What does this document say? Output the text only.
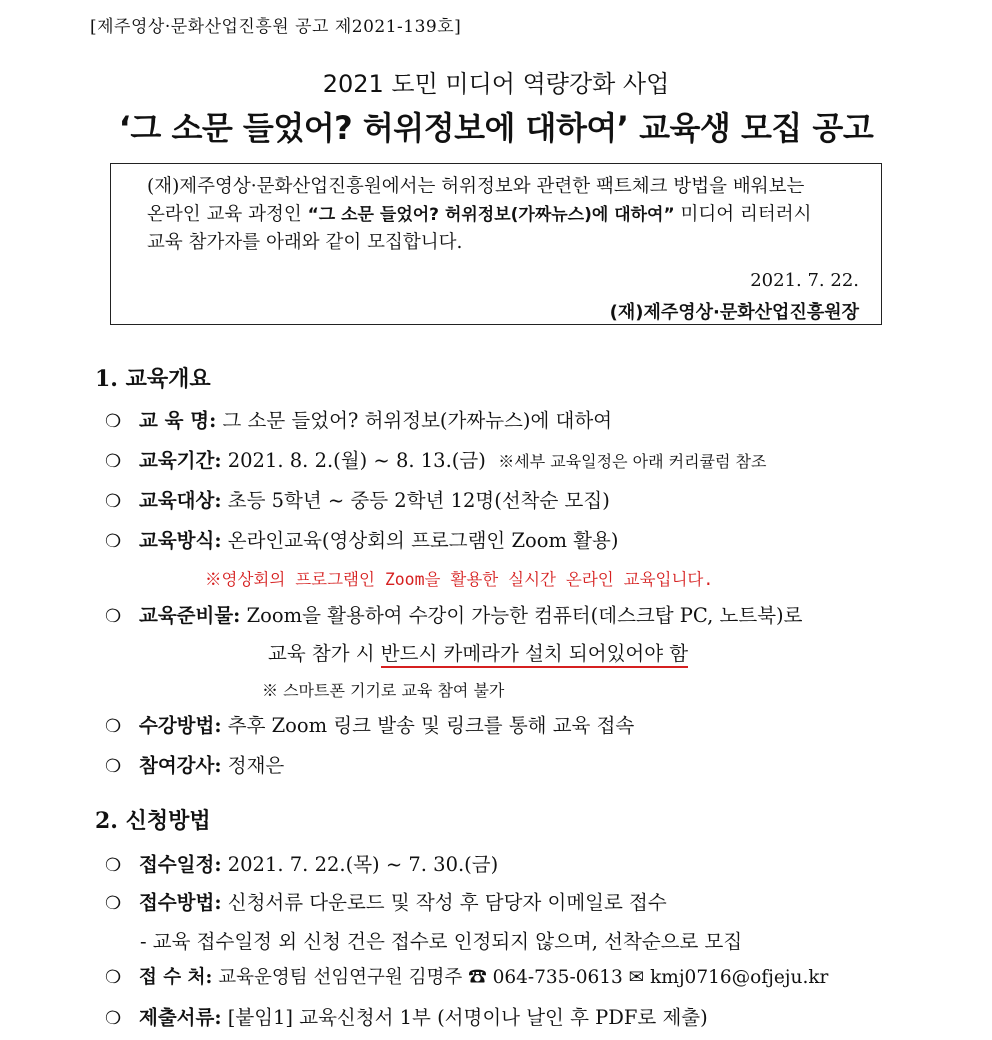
[제주영상·문화산업진흥원 공고 제2021-139호]
2021 도민 미디어 역량강화 사업
‘그 소문 들었어? 허위정보에 대하여’ 교육생 모집 공고
(재)제주영상·문화산업진흥원에서는 허위정보와 관련한 팩트체크 방법을 배워보는
온라인 교육 과정인 “그 소문 들었어? 허위정보(가짜뉴스)에 대하여” 미디어 리터러시
교육 참가자를 아래와 같이 모집합니다.
2021. 7. 22.
(재)제주영상·문화산업진흥원장
1. 교육개요
❍ 교 육 명: 그 소문 들었어? 허위정보(가짜뉴스)에 대하여
❍ 교육기간: 2021. 8. 2.(월) ~ 8. 13.(금) ※세부 교육일정은 아래 커리큘럼 참조
❍ 교육대상: 초등 5학년 ~ 중등 2학년 12명(선착순 모집)
❍ 교육방식: 온라인교육(영상회의 프로그램인 Zoom 활용)
※영상회의 프로그램인 Zoom을 활용한 실시간 온라인 교육입니다.
❍ 교육준비물: Zoom을 활용하여 수강이 가능한 컴퓨터(데스크탑 PC, 노트북)로
교육 참가 시 반드시 카메라가 설치 되어있어야 함
※ 스마트폰 기기로 교육 참여 불가
❍ 수강방법: 추후 Zoom 링크 발송 및 링크를 통해 교육 접속
❍ 참여강사: 정재은
2. 신청방법
❍ 접수일정: 2021. 7. 22.(목) ~ 7. 30.(금)
❍ 접수방법: 신청서류 다운로드 및 작성 후 담당자 이메일로 접수
- 교육 접수일정 외 신청 건은 접수로 인정되지 않으며, 선착순으로 모집
❍ 접 수 처: 교육운영팀 선임연구원 김명주 ☎ 064-735-0613 ✉ kmj0716@ofjeju.kr
❍ 제출서류: [붙임1] 교육신청서 1부 (서명이나 날인 후 PDF로 제출)
